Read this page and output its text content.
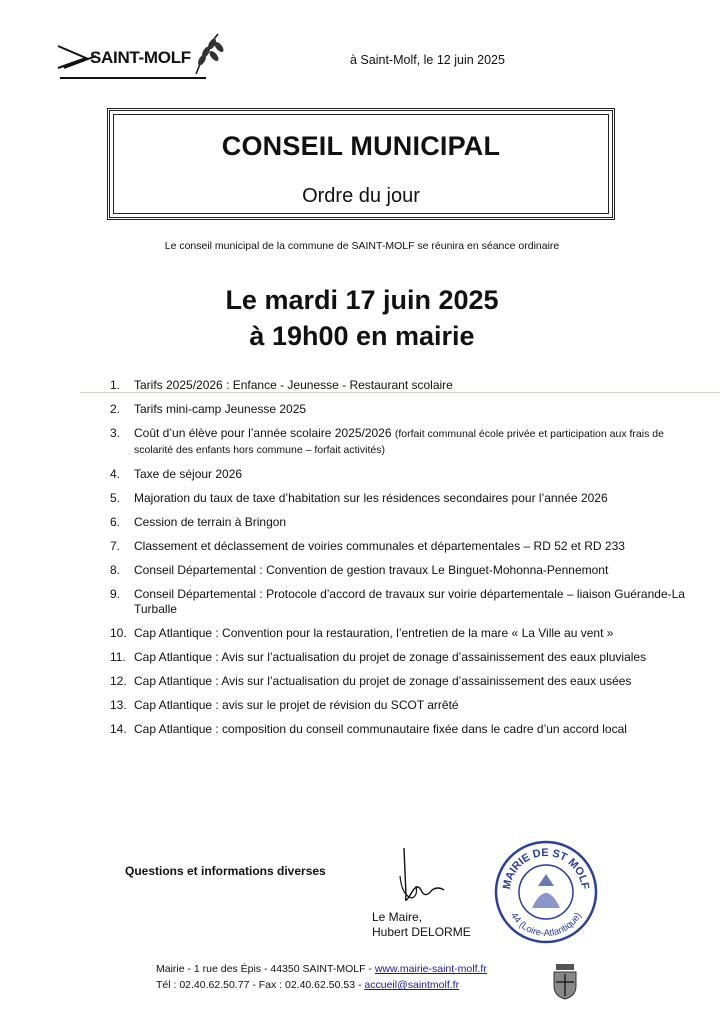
SAINT-MOLF	à Saint-Molf, le 12 juin 2025
CONSEIL MUNICIPAL
Ordre du jour
Le conseil municipal de la commune de SAINT-MOLF se réunira en séance ordinaire
Le mardi 17 juin 2025
à 19h00 en mairie
1.	Tarifs 2025/2026 : Enfance - Jeunesse - Restaurant scolaire
2.	Tarifs mini-camp Jeunesse 2025
3.	Coût d’un élève pour l’année scolaire 2025/2026 (forfait communal école privée et participation aux frais de scolarité des enfants hors commune – forfait activités)
4.	Taxe de séjour 2026
5.	Majoration du taux de taxe d’habitation sur les résidences secondaires pour l’année 2026
6.	Cession de terrain à Bringon
7.	Classement et déclassement de voiries communales et départementales – RD 52 et RD 233
8.	Conseil Départemental : Convention de gestion travaux Le Binguet-Mohonna-Pennemont
9.	Conseil Départemental : Protocole d’accord de travaux sur voirie départementale – liaison Guérande-La Turballe
10. Cap Atlantique : Convention pour la restauration, l’entretien de la mare « La Ville au vent »
11. Cap Atlantique : Avis sur l’actualisation du projet de zonage d’assainissement des eaux pluviales
12. Cap Atlantique : Avis sur l’actualisation du projet de zonage d’assainissement des eaux usées
13. Cap Atlantique : avis sur le projet de révision du SCOT arrêté
14. Cap Atlantique : composition du conseil communautaire fixée dans le cadre d’un accord local
Questions et informations diverses
Le Maire,
Hubert DELORME
MAIRIE DE ST MOLF
44 (Loire-Atlantique)
Mairie - 1 rue des Épis - 44350 SAINT-MOLF - www.mairie-saint-molf.fr
Tél : 02.40.62.50.77 - Fax : 02.40.62.50.53 - accueil@saintmolf.fr
